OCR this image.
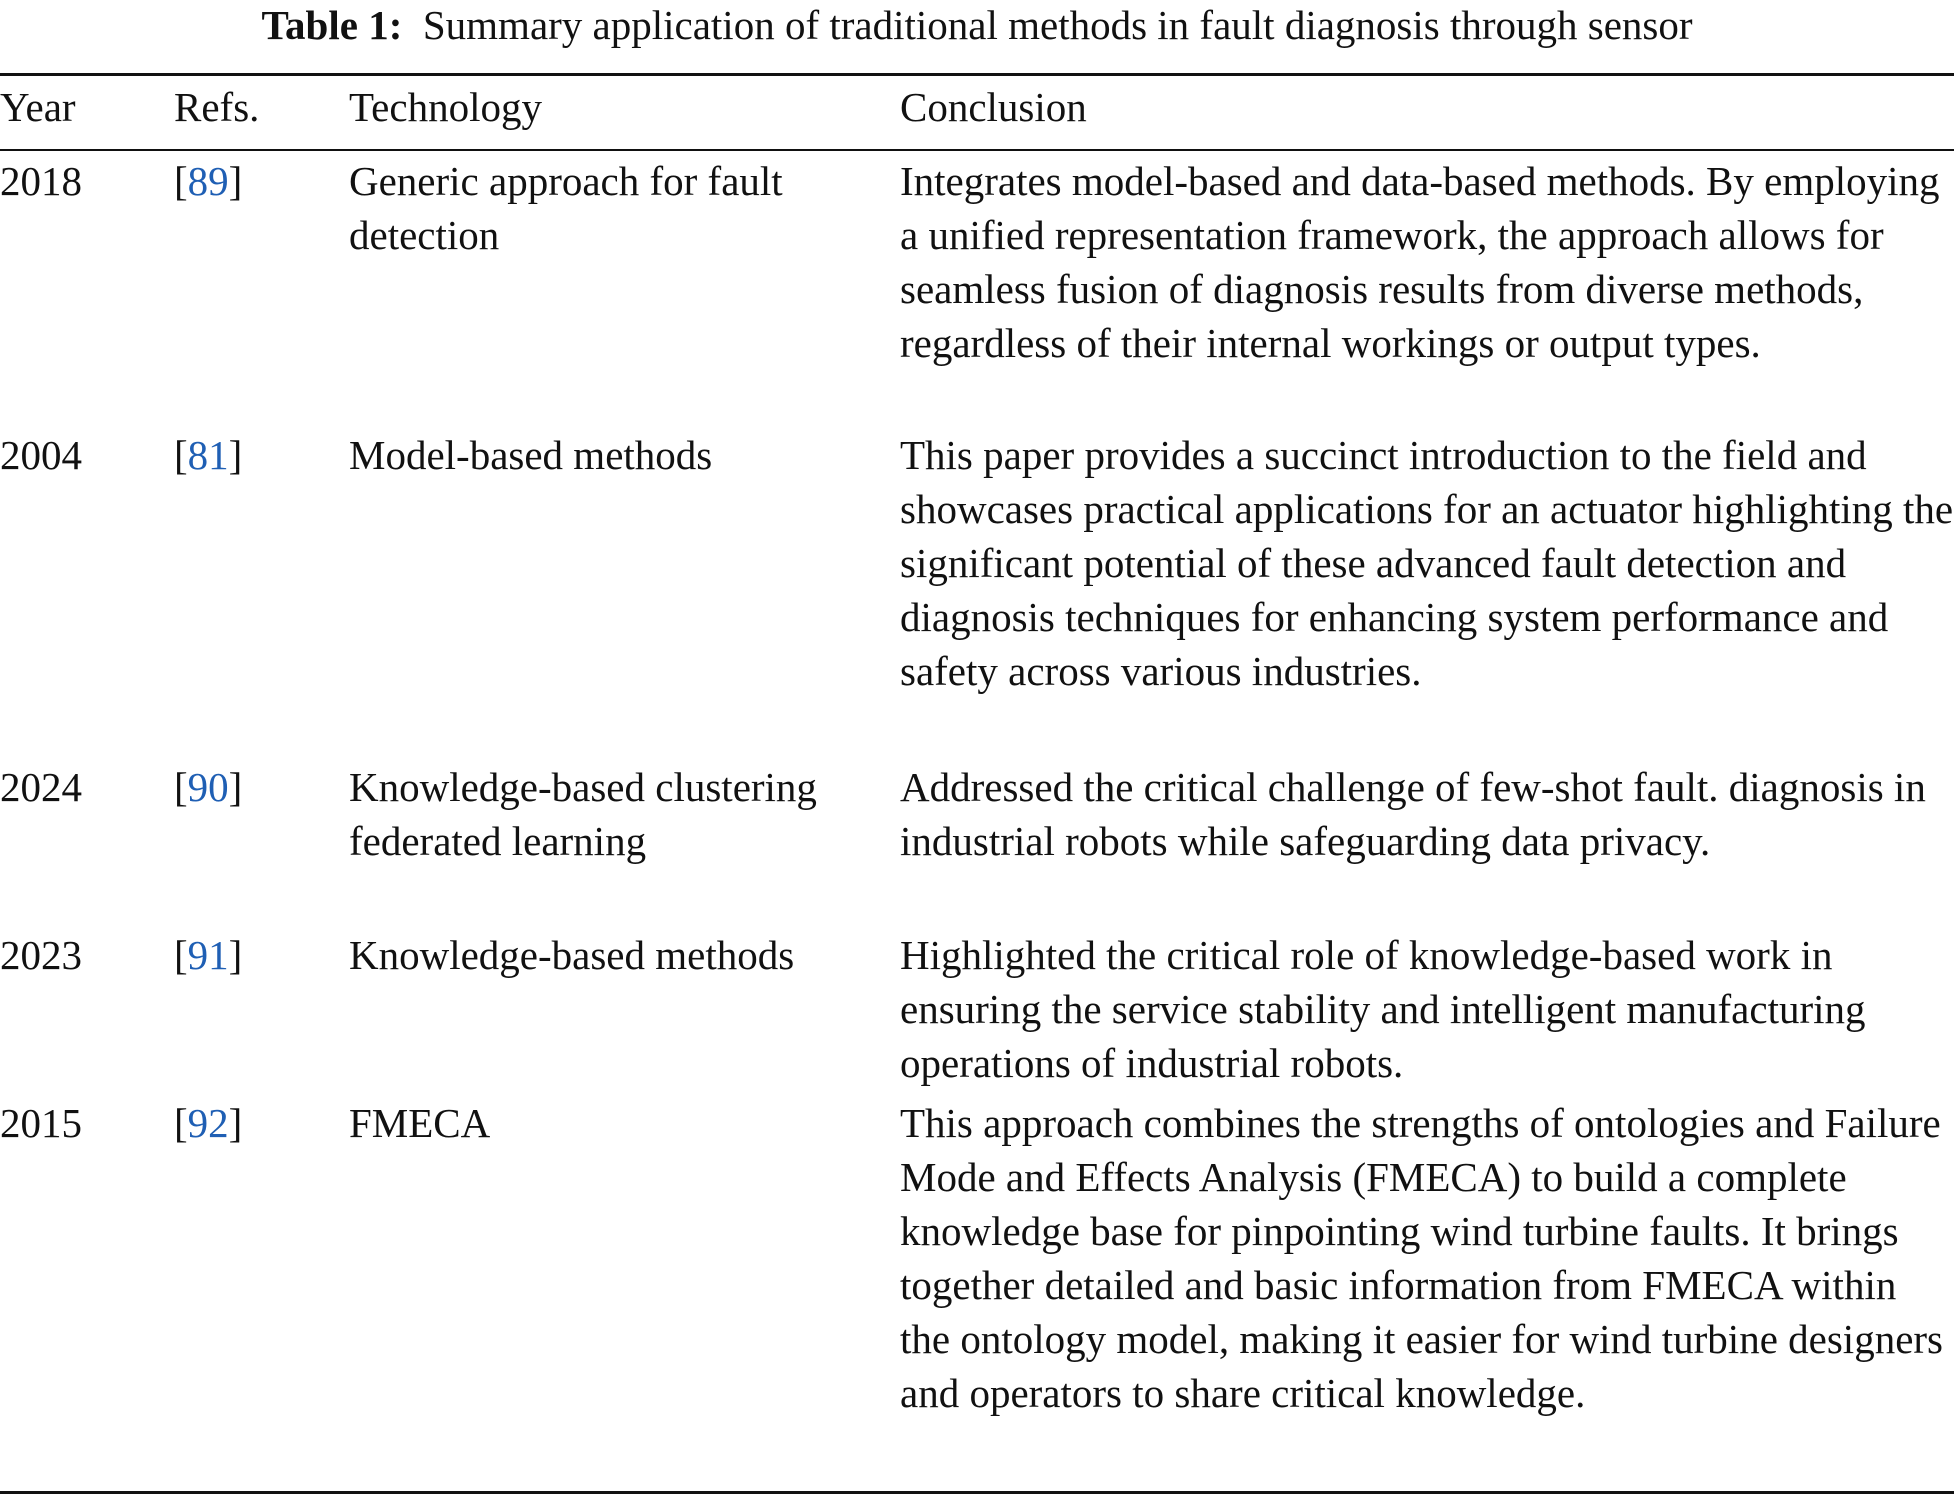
Table 1: Summary application of traditional methods in fault diagnosis through sensor
Year	Refs.	Technology	Conclusion
2018	[89]	Generic approach for fault detection	Integrates model-based and data-based methods. By employing a unified representation framework, the approach allows for seamless fusion of diagnosis results from diverse methods, regardless of their internal workings or output types.
2004	[81]	Model-based methods	This paper provides a succinct introduction to the field and showcases practical applications for an actuator highlighting the significant potential of these advanced fault detection and diagnosis techniques for enhancing system performance and safety across various industries.
2024	[90]	Knowledge-based clustering federated learning	Addressed the critical challenge of few-shot fault. diagnosis in industrial robots while safeguarding data privacy.
2023	[91]	Knowledge-based methods	Highlighted the critical role of knowledge-based work in ensuring the service stability and intelligent manufacturing operations of industrial robots.
2015	[92]	FMECA	This approach combines the strengths of ontologies and Failure Mode and Effects Analysis (FMECA) to build a complete knowledge base for pinpointing wind turbine faults. It brings together detailed and basic information from FMECA within the ontology model, making it easier for wind turbine designers and operators to share critical knowledge.
